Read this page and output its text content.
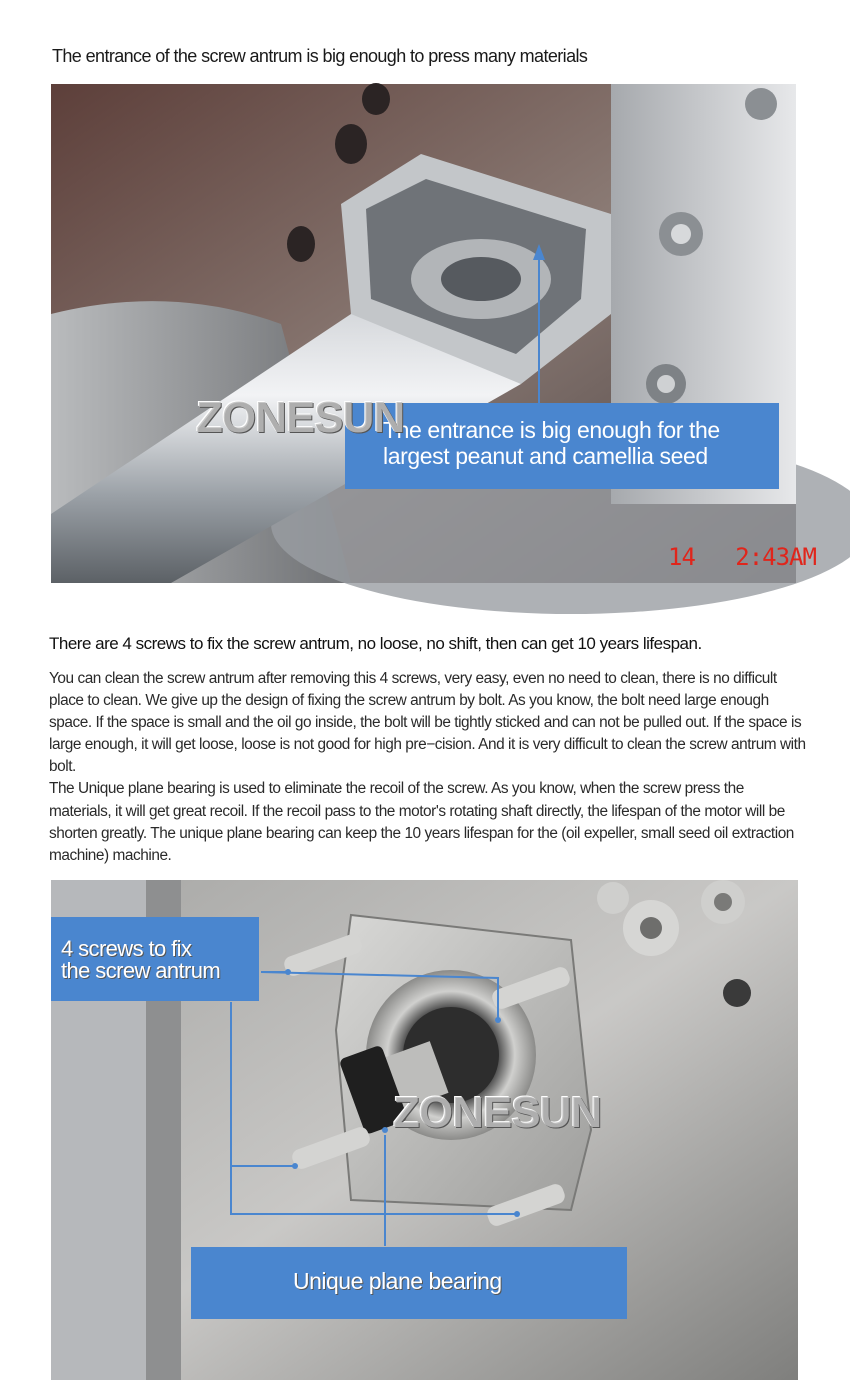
The entrance of the screw antrum is big enough to press many materials
The entrance is big enough for the
largest peanut and camellia seed
ZONESUN
14   2:43AM
There are 4 screws to fix the screw antrum, no loose, no shift, then can get 10 years lifespan.

You can clean the screw antrum after removing this 4 screws, very easy, even no need to clean, there is no difficult place to clean. We give up the design of fixing the screw antrum by bolt. As you know, the bolt need large enough space. If the space is small and the oil go inside, the bolt will be tightly sticked and can not be pulled out. If the space is large enough, it will get loose, loose is not good for high pre−cision. And it is very difficult to clean the screw antrum with bolt.

The Unique plane bearing is used to eliminate the recoil of the screw. As you know, when the screw press the materials, it will get great recoil. If the recoil pass to the motor's rotating shaft directly, the lifespan of the motor will be shorten greatly. The unique plane bearing can keep the 10 years lifespan for the (oil expeller, small seed oil extraction machine) machine.

4 screws to fix
the screw antrum
ZONESUN
Unique plane bearing
